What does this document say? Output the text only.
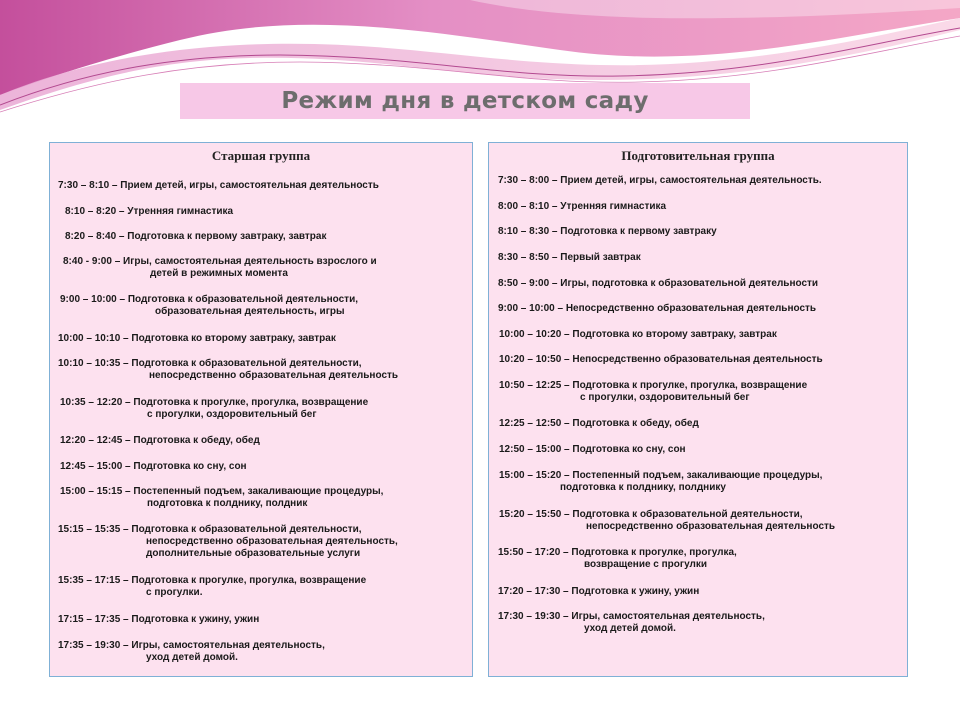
Режим дня в детском саду
Старшая группа
7:30 – 8:10 – Прием детей, игры, самостоятельная деятельность
8:10 – 8:20 – Утренняя гимнастика
8:20 – 8:40 – Подготовка к первому завтраку, завтрак
8:40 - 9:00 – Игры, самостоятельная деятельность взрослого и
детей в режимных момента
9:00 – 10:00 – Подготовка к образовательной деятельности,
образовательная деятельность, игры
10:00 – 10:10 – Подготовка ко второму завтраку, завтрак
10:10 – 10:35 – Подготовка к образовательной деятельности,
непосредственно образовательная деятельность
10:35 – 12:20 – Подготовка к прогулке, прогулка, возвращение
с прогулки, оздоровительный бег
12:20 – 12:45 – Подготовка к обеду, обед
12:45 – 15:00 – Подготовка ко сну, сон
15:00 – 15:15 – Постепенный подъем, закаливающие процедуры,
подготовка к полднику, полдник
15:15 – 15:35 – Подготовка к образовательной деятельности,
непосредственно образовательная деятельность,
дополнительные образовательные услуги
15:35 – 17:15 – Подготовка к прогулке, прогулка, возвращение
с прогулки.
17:15 – 17:35 – Подготовка к ужину, ужин
17:35 – 19:30 – Игры, самостоятельная деятельность,
уход детей домой.
Подготовительная группа
7:30 – 8:00 – Прием детей, игры, самостоятельная деятельность.
8:00 – 8:10 – Утренняя гимнастика
8:10 – 8:30 – Подготовка к первому завтраку
8:30 – 8:50 – Первый завтрак
8:50 – 9:00 – Игры, подготовка к образовательной деятельности
9:00 – 10:00 – Непосредственно образовательная деятельность
10:00 – 10:20 – Подготовка ко второму завтраку, завтрак
10:20 – 10:50 – Непосредственно образовательная деятельность
10:50 – 12:25 – Подготовка к прогулке, прогулка, возвращение
с прогулки, оздоровительный бег
12:25 – 12:50 – Подготовка к обеду, обед
12:50 – 15:00 – Подготовка ко сну, сон
15:00 – 15:20 – Постепенный подъем, закаливающие процедуры,
подготовка к полднику, полднику
15:20 – 15:50 – Подготовка к образовательной деятельности,
непосредственно образовательная деятельность
15:50 – 17:20 – Подготовка к прогулке, прогулка,
возвращение с прогулки
17:20 – 17:30 – Подготовка к ужину, ужин
17:30 – 19:30 – Игры, самостоятельная деятельность,
уход детей домой.
